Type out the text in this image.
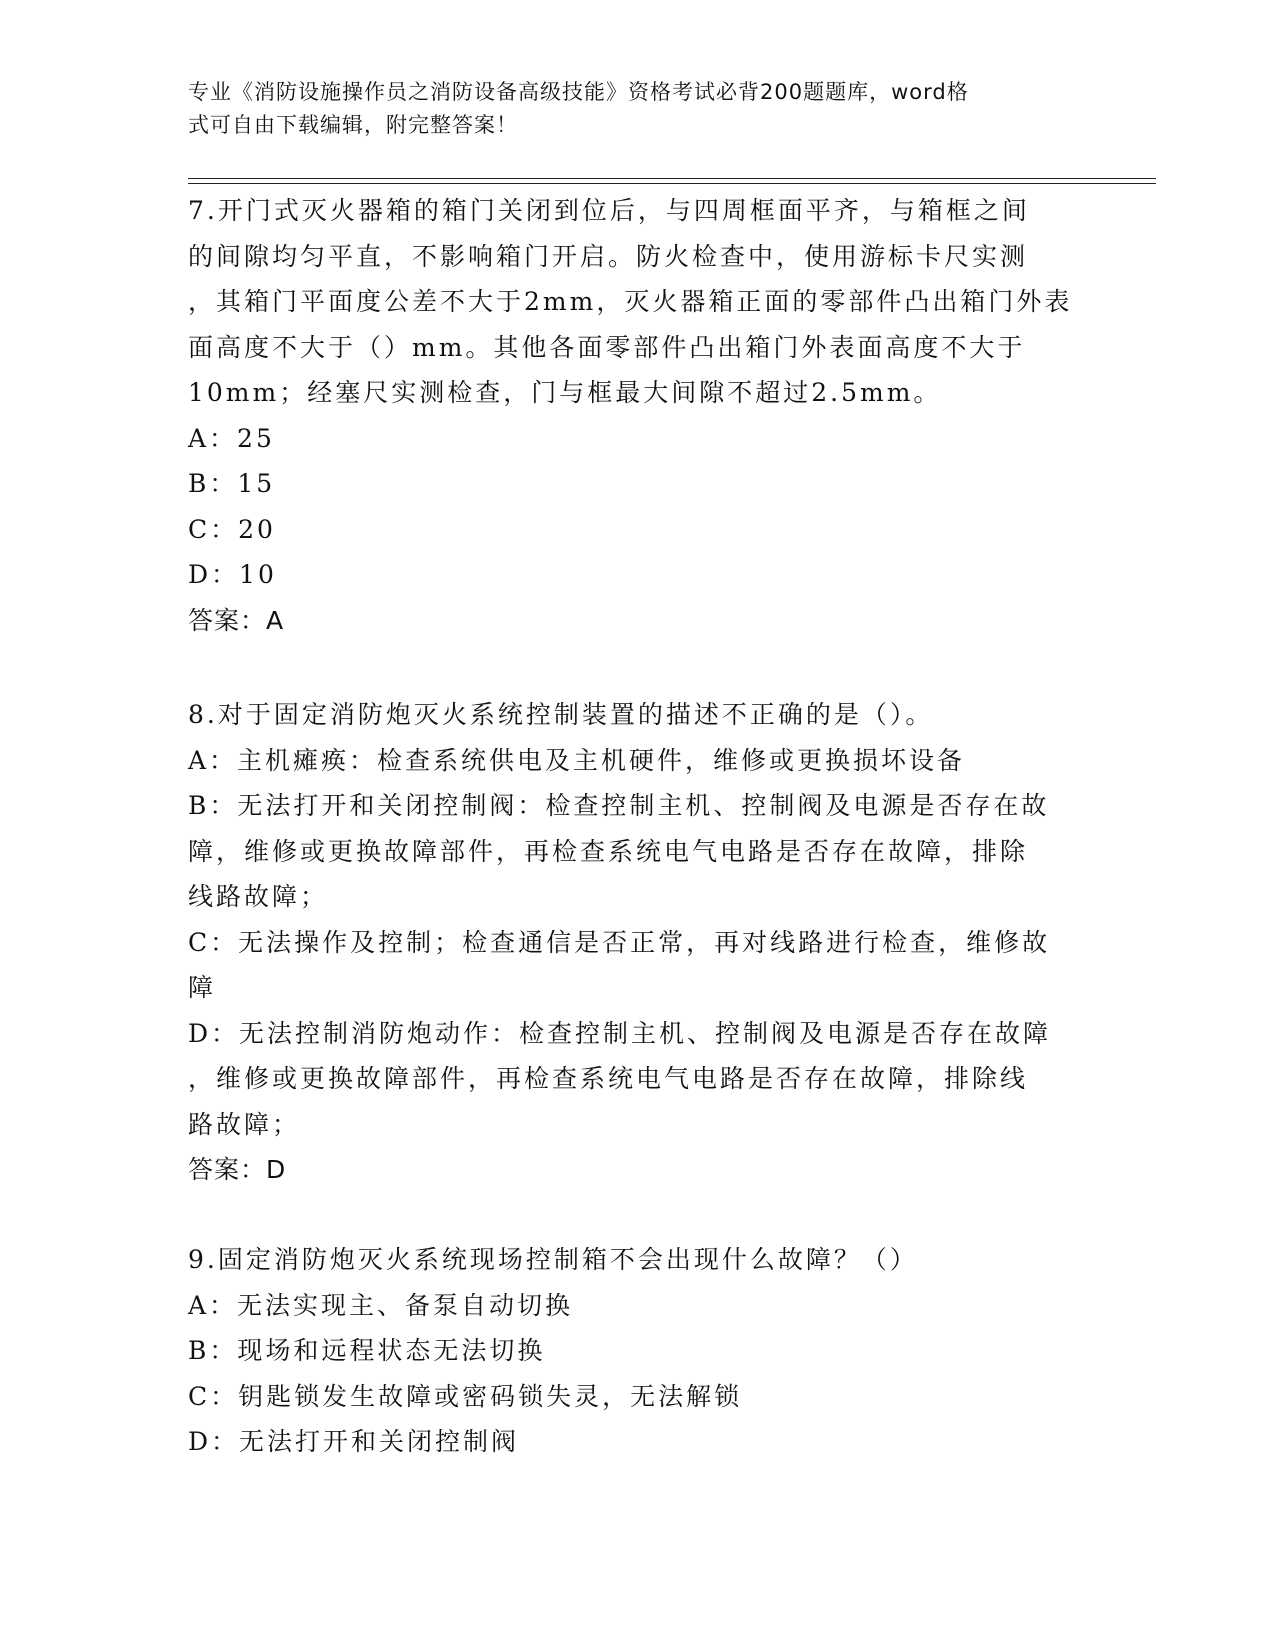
专业《消防设施操作员之消防设备高级技能》资格考试必背200题题库，word格
式可自由下载编辑，附完整答案！
7.开门式灭火器箱的箱门关闭到位后，与四周框面平齐，与箱框之间
的间隙均匀平直，不影响箱门开启。防火检查中，使用游标卡尺实测
，其箱门平面度公差不大于2mm，灭火器箱正面的零部件凸出箱门外表
面高度不大于（）mm。其他各面零部件凸出箱门外表面高度不大于
10mm；经塞尺实测检查，门与框最大间隙不超过2.5mm。
A：25
B：15
C：20
D：10
答案：A
8.对于固定消防炮灭火系统控制装置的描述不正确的是（）。
A：主机瘫痪：检查系统供电及主机硬件，维修或更换损坏设备
B：无法打开和关闭控制阀：检查控制主机、控制阀及电源是否存在故
障，维修或更换故障部件，再检查系统电气电路是否存在故障，排除
线路故障；
C：无法操作及控制；检查通信是否正常，再对线路进行检查，维修故
障
D：无法控制消防炮动作：检查控制主机、控制阀及电源是否存在故障
，维修或更换故障部件，再检查系统电气电路是否存在故障，排除线
路故障；
答案：D
9.固定消防炮灭火系统现场控制箱不会出现什么故障？（）
A：无法实现主、备泵自动切换
B：现场和远程状态无法切换
C：钥匙锁发生故障或密码锁失灵，无法解锁
D：无法打开和关闭控制阀
